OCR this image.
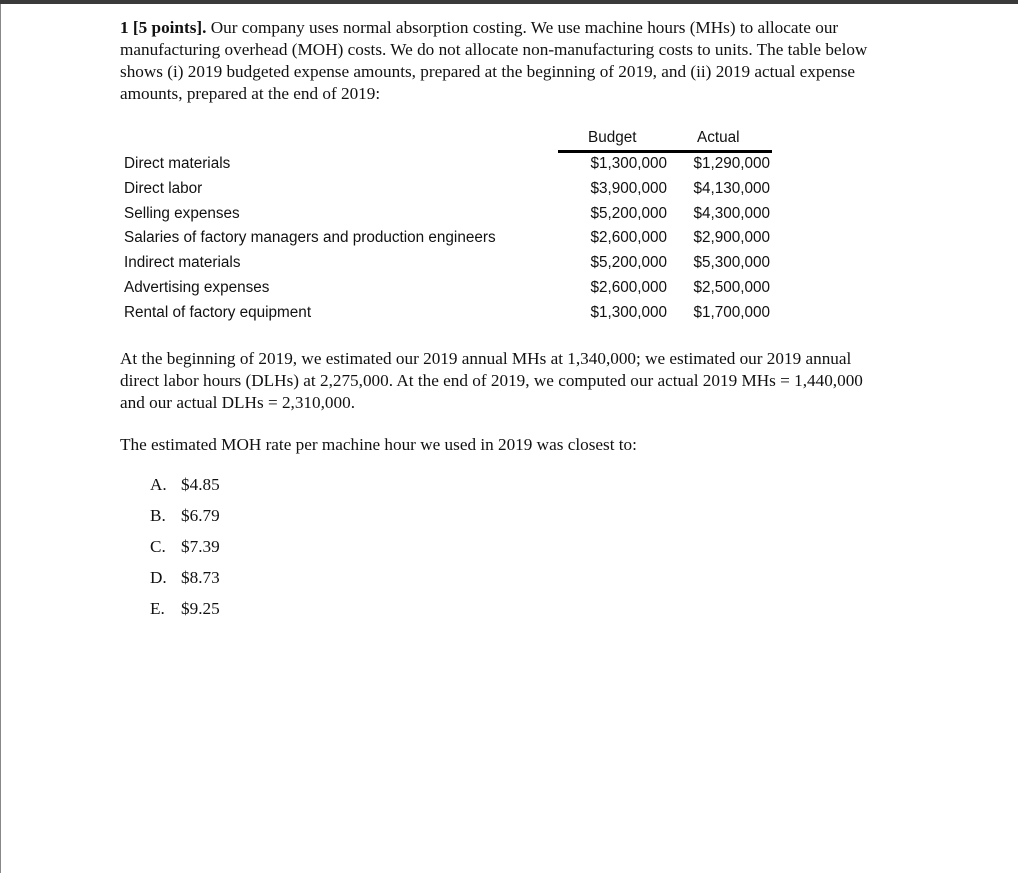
1 [5 points]. Our company uses normal absorption costing. We use machine hours (MHs) to allocate our
manufacturing overhead (MOH) costs. We do not allocate non-manufacturing costs to units. The table below
shows (i) 2019 budgeted expense amounts, prepared at the beginning of 2019, and (ii) 2019 actual expense
amounts, prepared at the end of 2019:
Budget	Actual
Direct materials	$1,300,000 $1,290,000
Direct labor	$3,900,000 $4,130,000
Selling expenses	$5,200,000 $4,300,000
Salaries of factory managers and production engineers	$2,600,000 $2,900,000
Indirect materials	$5,200,000 $5,300,000
Advertising expenses	$2,600,000 $2,500,000
Rental of factory equipment	$1,300,000 $1,700,000
At the beginning of 2019, we estimated our 2019 annual MHs at 1,340,000; we estimated our 2019 annual
direct labor hours (DLHs) at 2,275,000. At the end of 2019, we computed our actual 2019 MHs = 1,440,000
and our actual DLHs = 2,310,000.
The estimated MOH rate per machine hour we used in 2019 was closest to:
A. $4.85
B. $6.79
C. $7.39
D. $8.73
E. $9.25
